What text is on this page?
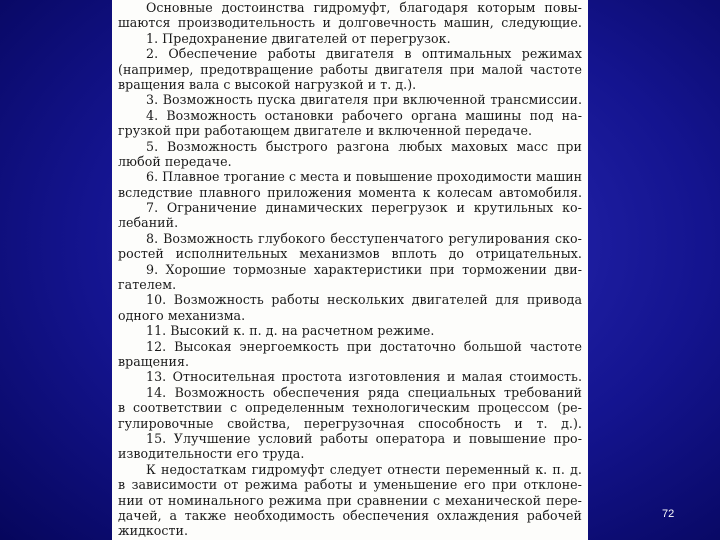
Основные достоинства гидромуфт, благодаря которым повы-
шаются производительность и долговечность машин, следующие.
1. Предохранение двигателей от перегрузок.
2. Обеспечение работы двигателя в оптимальных режимах
(например, предотвращение работы двигателя при малой частоте
вращения вала с высокой нагрузкой и т. д.).
3. Возможность пуска двигателя при включенной трансмиссии.
4. Возможность остановки рабочего органа машины под на-
грузкой при работающем двигателе и включенной передаче.
5. Возможность быстрого разгона любых маховых масс при
любой передаче.
6. Плавное трогание с места и повышение проходимости машин
вследствие плавного приложения момента к колесам автомобиля.
7. Ограничение динамических перегрузок и крутильных ко-
лебаний.
8. Возможность глубокого бесступенчатого регулирования ско-
ростей исполнительных механизмов вплоть до отрицательных.
9. Хорошие тормозные характеристики при торможении дви-
гателем.
10. Возможность работы нескольких двигателей для привода
одного механизма.
11. Высокий к. п. д. на расчетном режиме.
12. Высокая энергоемкость при достаточно большой частоте
вращения.
13. Относительная простота изготовления и малая стоимость.
14. Возможность обеспечения ряда специальных требований
в соответствии с определенным технологическим процессом (ре-
гулировочные свойства, перегрузочная способность и т. д.).
15. Улучшение условий работы оператора и повышение про-
изводительности его труда.
К недостаткам гидромуфт следует отнести переменный к. п. д.
в зависимости от режима работы и уменьшение его при отклоне-
нии от номинального режима при сравнении с механической пере-
дачей, а также необходимость обеспечения охлаждения рабочей
жидкости.
72
